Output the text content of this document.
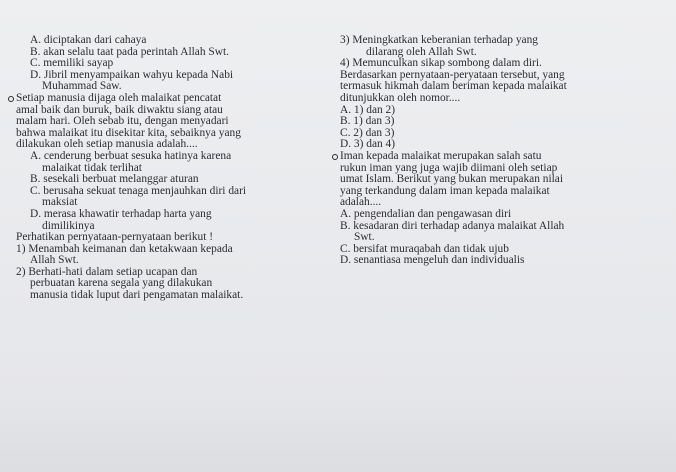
A. diciptakan dari cahaya
B. akan selalu taat pada perintah Allah Swt.
C. memiliki sayap
D. Jibril menyampaikan wahyu kepada Nabi
Muhammad Saw.
Setiap manusia dijaga oleh malaikat pencatat
amal baik dan buruk, baik diwaktu siang atau
malam hari. Oleh sebab itu, dengan menyadari
bahwa malaikat itu disekitar kita, sebaiknya yang
dilakukan oleh setiap manusia adalah....
A. cenderung berbuat sesuka hatinya karena
malaikat tidak terlihat
B. sesekali berbuat melanggar aturan
C. berusaha sekuat tenaga menjauhkan diri dari
maksiat
D. merasa khawatir terhadap harta yang
dimilikinya
Perhatikan pernyataan-pernyataan berikut !
1) Menambah keimanan dan ketakwaan kepada
Allah Swt.
2) Berhati-hati dalam setiap ucapan dan
perbuatan karena segala yang dilakukan
manusia tidak luput dari pengamatan malaikat.
3) Meningkatkan keberanian terhadap yang
dilarang oleh Allah Swt.
4) Memunculkan sikap sombong dalam diri.
Berdasarkan pernyataan-peryataan tersebut, yang
termasuk hikmah dalam beriman kepada malaikat
ditunjukkan oleh nomor....
A. 1) dan 2)
B. 1) dan 3)
C. 2) dan 3)
D. 3) dan 4)
Iman kepada malaikat merupakan salah satu
rukun iman yang juga wajib diimani oleh setiap
umat Islam. Berikut yang bukan merupakan nilai
yang terkandung dalam iman kepada malaikat
adalah....
A. pengendalian dan pengawasan diri
B. kesadaran diri terhadap adanya malaikat Allah
Swt.
C. bersifat muraqabah dan tidak ujub
D. senantiasa mengeluh dan individualis
